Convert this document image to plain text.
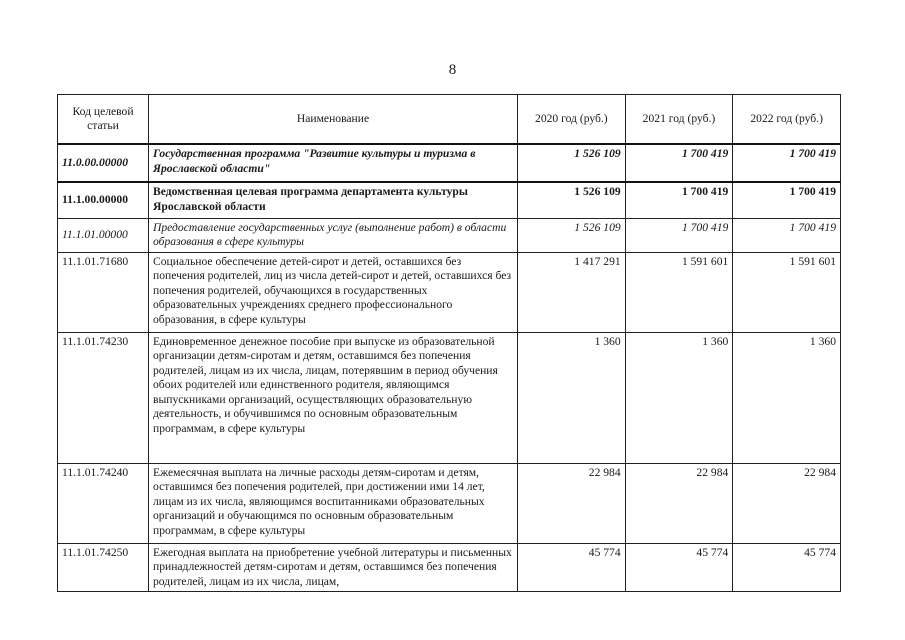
8
Код целевой статьи	Наименование	2020 год (руб.)	2021 год (руб.)	2022 год (руб.)
11.0.00.00000	Государственная программа "Развитие культуры и туризма в Ярославской области"	1 526 109	1 700 419	1 700 419
11.1.00.00000	Ведомственная целевая программа департамента культуры Ярославской области	1 526 109	1 700 419	1 700 419
11.1.01.00000	Предоставление государственных услуг (выполнение работ) в области образования в сфере культуры	1 526 109	1 700 419	1 700 419
11.1.01.71680	Социальное обеспечение детей-сирот и детей, оставшихся без попечения родителей, лиц из числа детей-сирот и детей, оставшихся без попечения родителей, обучающихся в государственных образовательных учреждениях среднего профессионального образования, в сфере культуры	1 417 291	1 591 601	1 591 601
11.1.01.74230	Единовременное денежное пособие при выпуске из образовательной организации детям-сиротам и детям, оставшимся без попечения родителей, лицам из их числа, лицам, потерявшим в период обучения обоих родителей или единственного родителя, являющимся выпускниками организаций, осуществляющих образовательную деятельность, и обучившимся по основным образовательным программам, в сфере культуры	1 360	1 360	1 360
11.1.01.74240	Ежемесячная выплата на личные расходы детям-сиротам и детям, оставшимся без попечения родителей, при достижении ими 14 лет, лицам из их числа, являющимся воспитанниками образовательных организаций и обучающимся по основным образовательным программам, в сфере культуры	22 984	22 984	22 984
11.1.01.74250	Ежегодная выплата на приобретение учебной литературы и письменных принадлежностей детям-сиротам и детям, оставшимся без попечения родителей, лицам из их числа, лицам,	45 774	45 774	45 774
